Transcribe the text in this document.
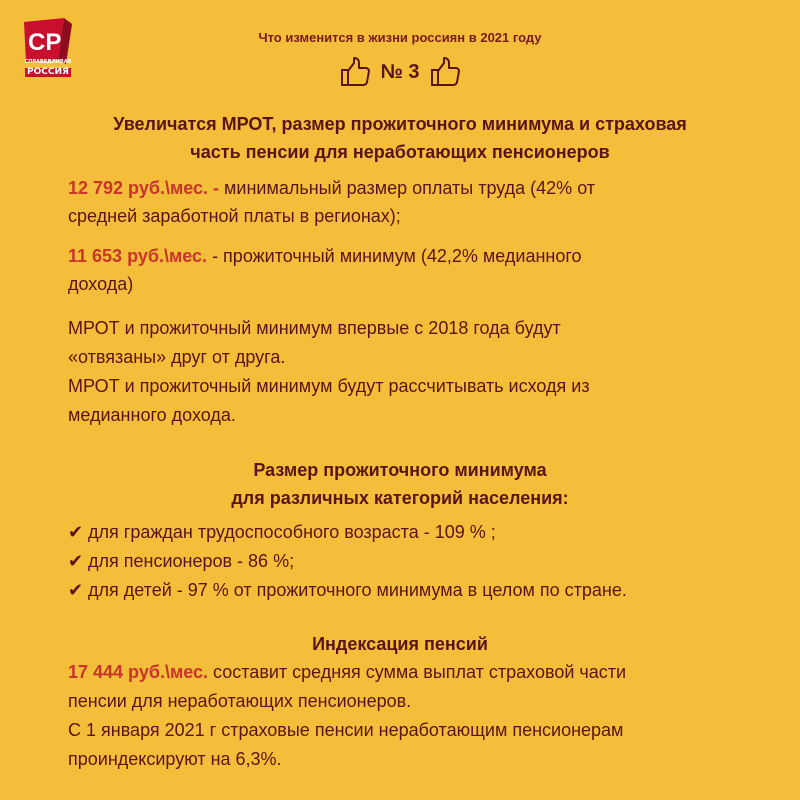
СР
СПРАВЕДЛИВАЯ
РОССИЯ
Что изменится в жизни россиян в 2021 году
№ 3
Увеличатся МРОТ, размер прожиточного минимума и страховая
часть пенсии для неработающих пенсионеров
12 792 руб.\мес. - минимальный размер оплаты труда (42% от
средней заработной платы в регионах);
11 653 руб.\мес. - прожиточный минимум (42,2% медианного
дохода)
МРОТ и прожиточный минимум впервые с 2018 года будут
«отвязаны» друг от друга.
МРОТ и прожиточный минимум будут рассчитывать исходя из
медианного дохода.
Размер прожиточного минимума
для различных категорий населения:
✔ для граждан трудоспособного возраста - 109 % ;
✔ для пенсионеров - 86 %;
✔ для детей - 97 % от прожиточного минимума в целом по стране.
Индексация пенсий
17 444 руб.\мес. составит средняя сумма выплат страховой части
пенсии для неработающих пенсионеров.
С 1 января 2021 г страховые пенсии неработающим пенсионерам
проиндексируют на 6,3%.
